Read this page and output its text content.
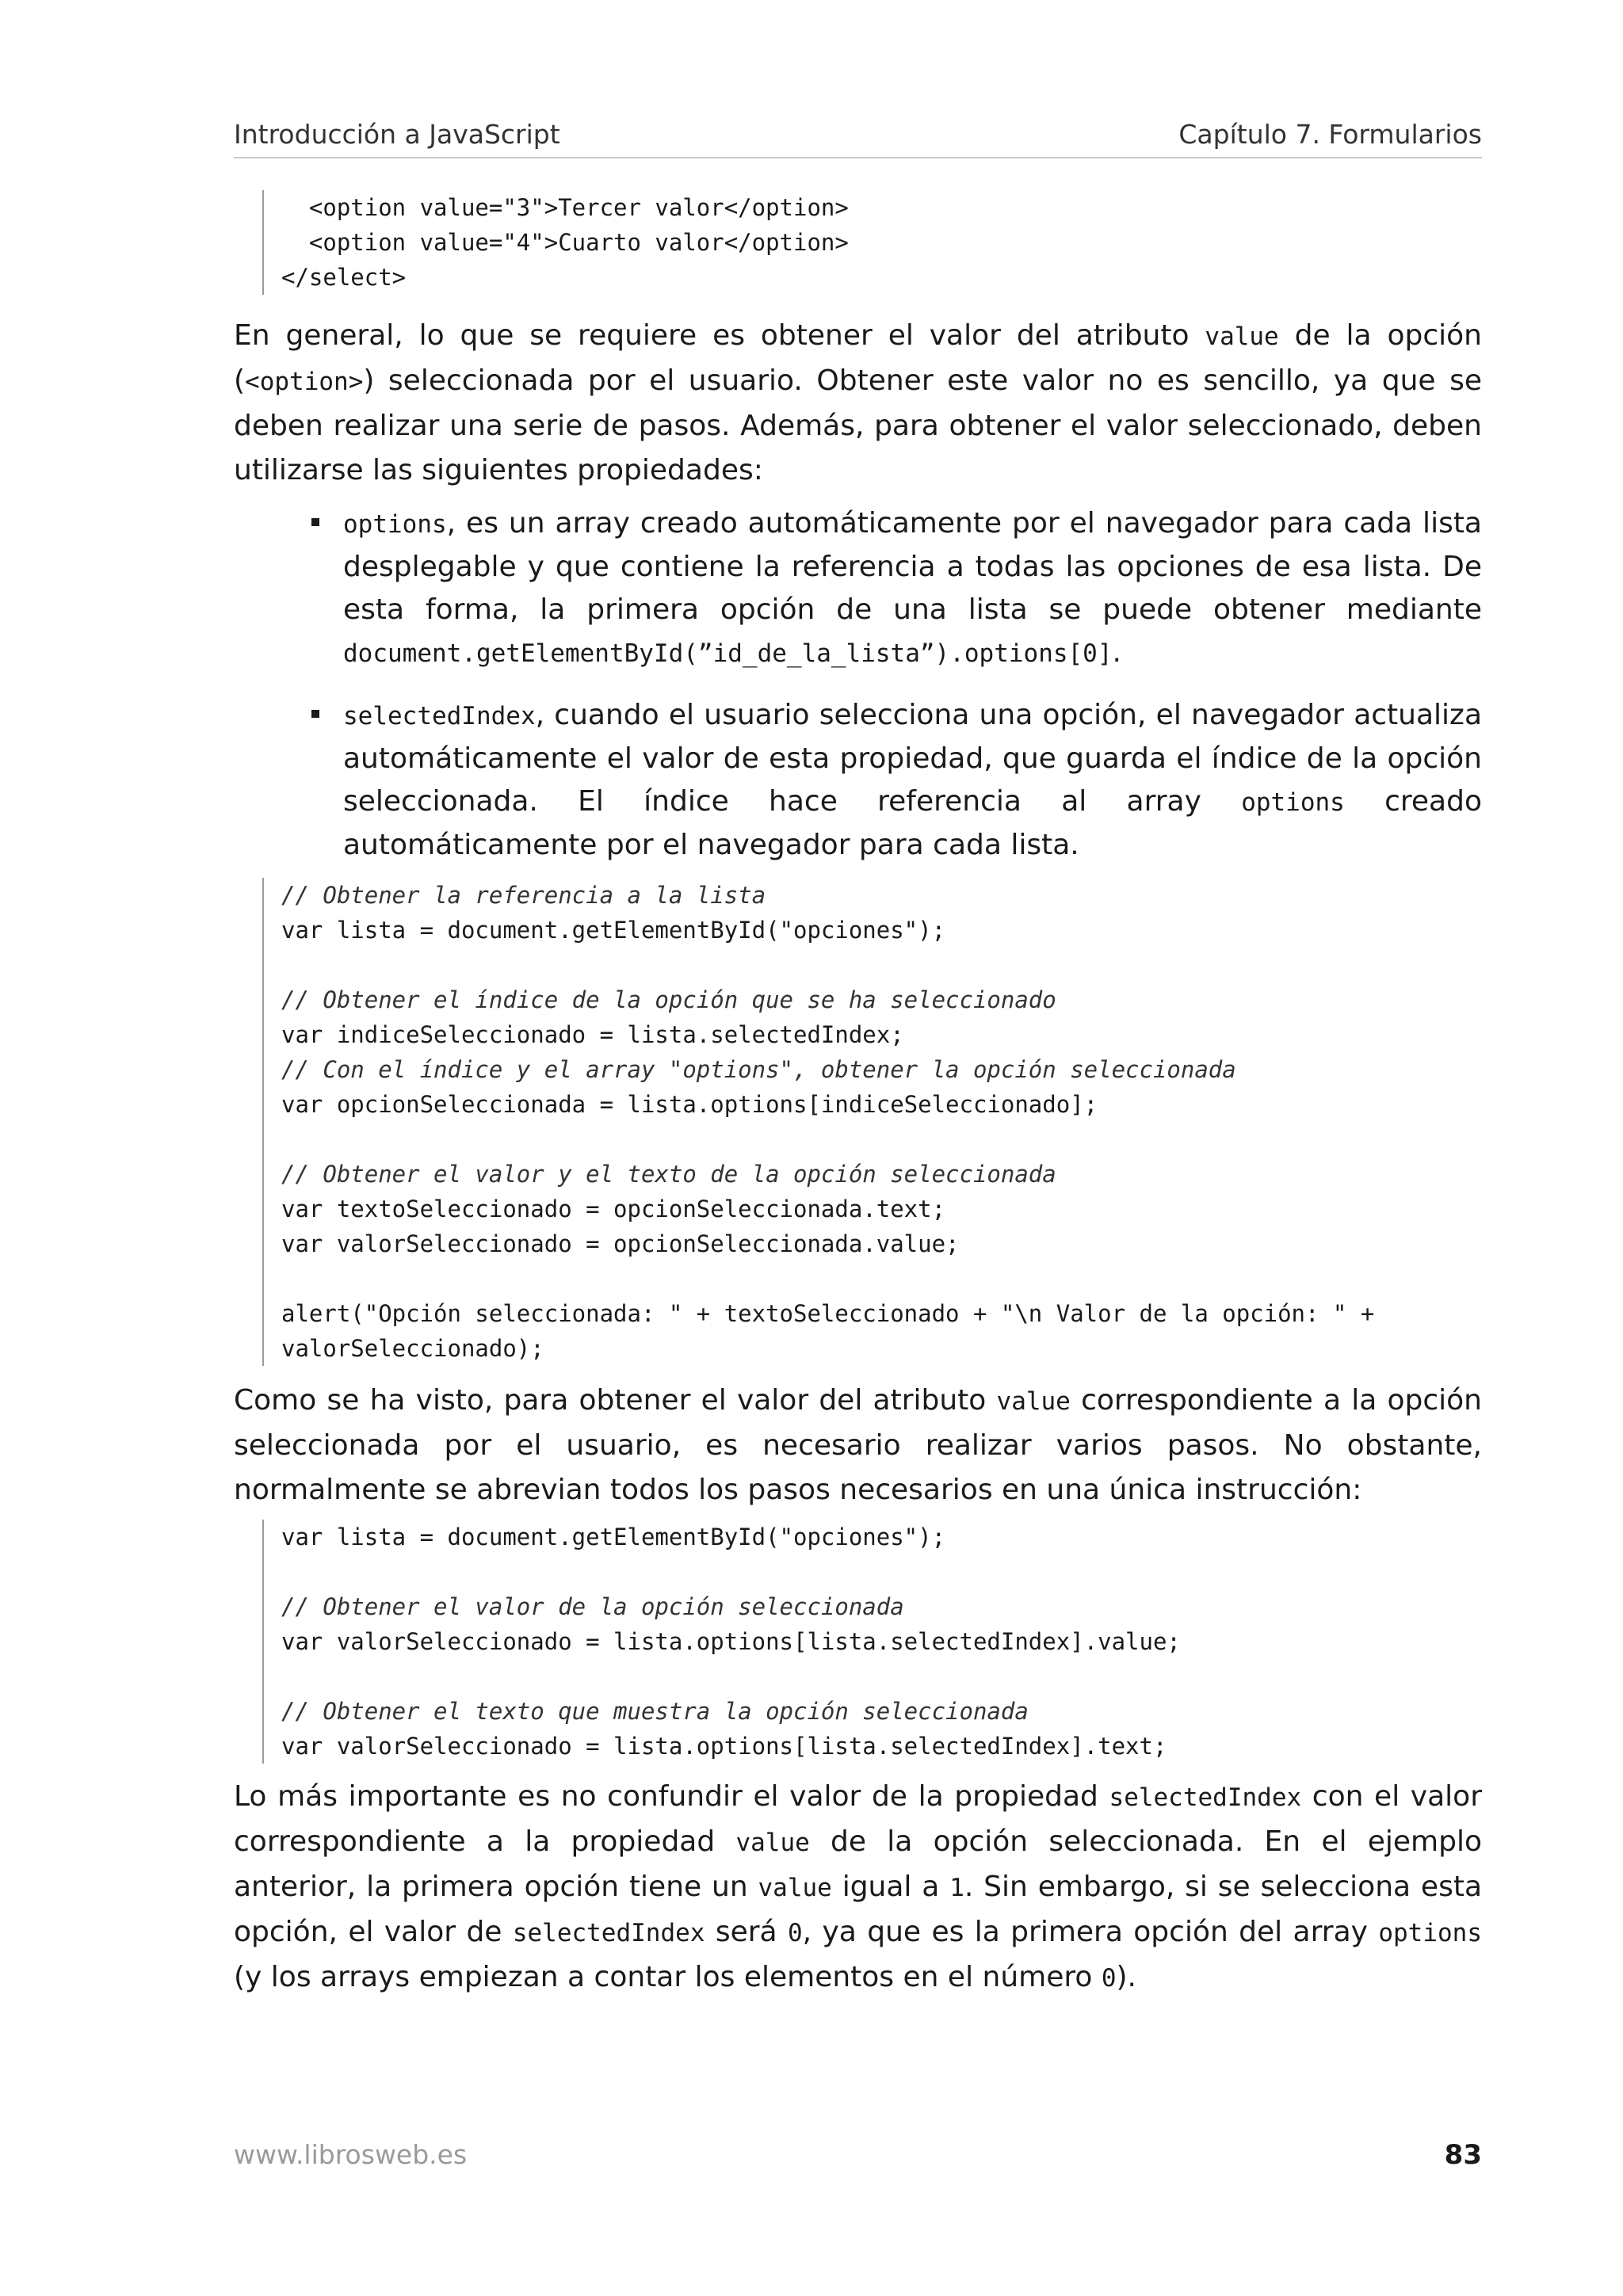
Introducción a JavaScript	Capítulo 7. Formularios
<option value="3">Tercer valor</option>
<option value="4">Cuarto valor</option>
</select>

En general, lo que se requiere es obtener el valor del atributo value de la opción (<option>) seleccionada por el usuario. Obtener este valor no es sencillo, ya que se deben realizar una serie de pasos. Además, para obtener el valor seleccionado, deben utilizarse las siguientes propiedades:

options, es un array creado automáticamente por el navegador para cada lista desplegable y que contiene la referencia a todas las opciones de esa lista. De esta forma, la primera opción de una lista se puede obtener mediante document.getElementById(”id_de_la_lista”).options[0].
selectedIndex, cuando el usuario selecciona una opción, el navegador actualiza automáticamente el valor de esta propiedad, que guarda el índice de la opción seleccionada. El índice hace referencia al array options creado automáticamente por el navegador para cada lista.
// Obtener la referencia a la lista
var lista = document.getElementById("opciones");
// Obtener el índice de la opción que se ha seleccionado
var indiceSeleccionado = lista.selectedIndex;
// Con el índice y el array "options", obtener la opción seleccionada
var opcionSeleccionada = lista.options[indiceSeleccionado];
// Obtener el valor y el texto de la opción seleccionada
var textoSeleccionado = opcionSeleccionada.text;
var valorSeleccionado = opcionSeleccionada.value;
alert("Opción seleccionada: " + textoSeleccionado + "\n Valor de la opción: " +
valorSeleccionado);

Como se ha visto, para obtener el valor del atributo value correspondiente a la opción seleccionada por el usuario, es necesario realizar varios pasos. No obstante, normalmente se abrevian todos los pasos necesarios en una única instrucción:

var lista = document.getElementById("opciones");
// Obtener el valor de la opción seleccionada
var valorSeleccionado = lista.options[lista.selectedIndex].value;
// Obtener el texto que muestra la opción seleccionada
var valorSeleccionado = lista.options[lista.selectedIndex].text;

Lo más importante es no confundir el valor de la propiedad selectedIndex con el valor correspondiente a la propiedad value de la opción seleccionada. En el ejemplo anterior, la primera opción tiene un value igual a 1. Sin embargo, si se selecciona esta opción, el valor de selectedIndex será 0, ya que es la primera opción del array options (y los arrays empiezan a contar los elementos en el número 0).

www.librosweb.es	83
